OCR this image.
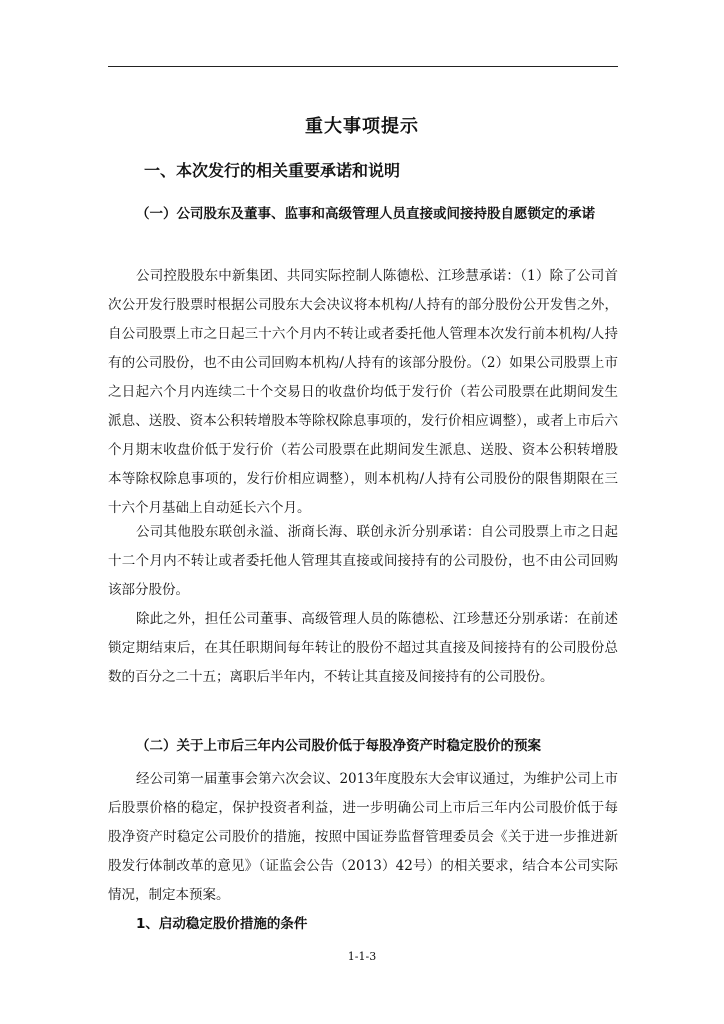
重大事项提示
一、本次发行的相关重要承诺和说明
（一）公司股东及董事、监事和高级管理人员直接或间接持股自愿锁定的承诺
公司控股股东中新集团、共同实际控制人陈德松、江珍慧承诺：（1）除了公司首次公开发行股票时根据公司股东大会决议将本机构/人持有的部分股份公开发售之外，自公司股票上市之日起三十六个月内不转让或者委托他人管理本次发行前本机构/人持有的公司股份，也不由公司回购本机构/人持有的该部分股份。（2）如果公司股票上市之日起六个月内连续二十个交易日的收盘价均低于发行价（若公司股票在此期间发生派息、送股、资本公积转增股本等除权除息事项的，发行价相应调整），或者上市后六个月期末收盘价低于发行价（若公司股票在此期间发生派息、送股、资本公积转增股本等除权除息事项的，发行价相应调整），则本机构/人持有公司股份的限售期限在三十六个月基础上自动延长六个月。
公司其他股东联创永溢、浙商长海、联创永沂分别承诺：自公司股票上市之日起十二个月内不转让或者委托他人管理其直接或间接持有的公司股份，也不由公司回购该部分股份。
除此之外，担任公司董事、高级管理人员的陈德松、江珍慧还分别承诺：在前述锁定期结束后，在其任职期间每年转让的股份不超过其直接及间接持有的公司股份总数的百分之二十五；离职后半年内，不转让其直接及间接持有的公司股份。
（二）关于上市后三年内公司股价低于每股净资产时稳定股价的预案
经公司第一届董事会第六次会议、2013年度股东大会审议通过，为维护公司上市后股票价格的稳定，保护投资者利益，进一步明确公司上市后三年内公司股价低于每股净资产时稳定公司股价的措施，按照中国证券监督管理委员会《关于进一步推进新股发行体制改革的意见》（证监会公告（2013）42号）的相关要求，结合本公司实际情况，制定本预案。
1、启动稳定股价措施的条件
1-1-3
